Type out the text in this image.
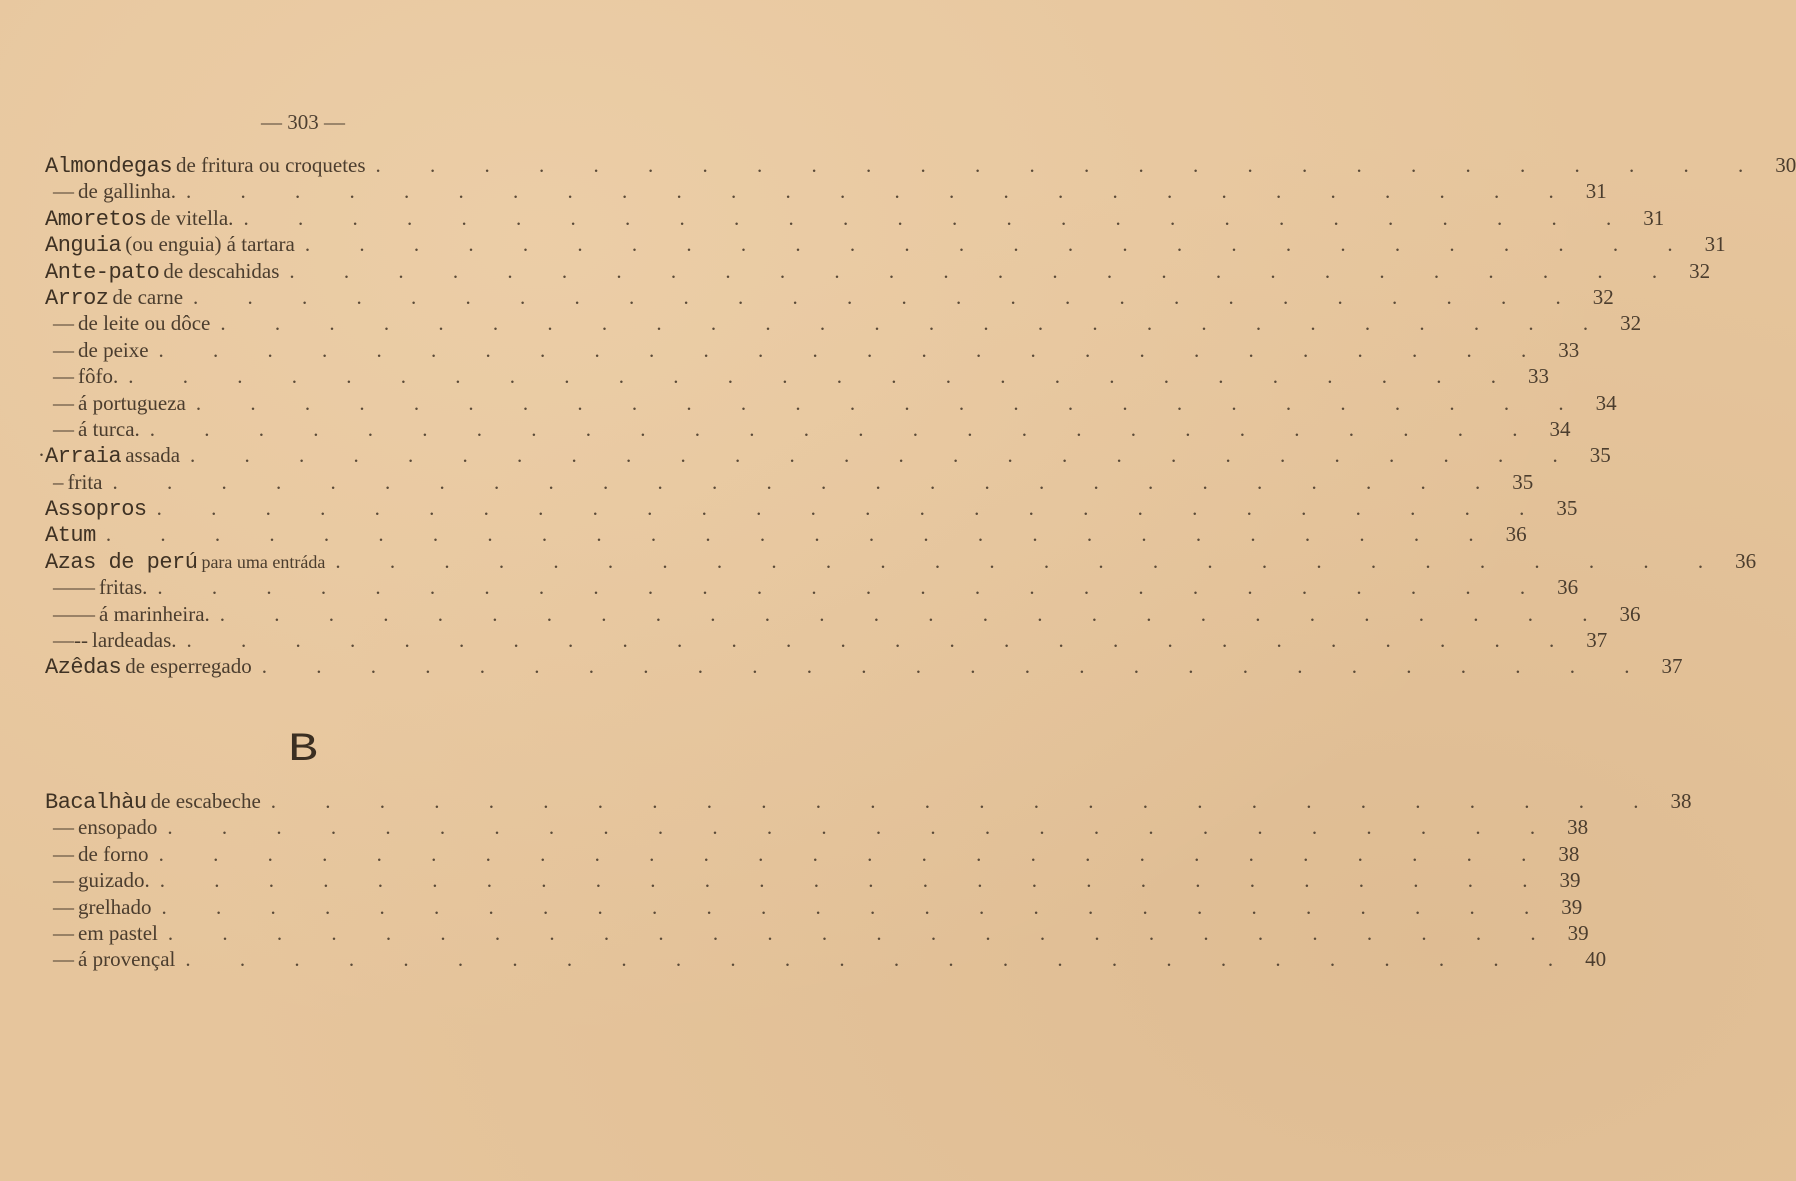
— 303 —
Almondegas de fritura ou croquetes . . . . . . . . . . . . . . . . . . . . . . . . . . 30
— de gallinha. . . . . . . . . . . . . . . . . . . . . . . . . . . 31
Amoretos de vitella. . . . . . . . . . . . . . . . . . . . . . . . . . . 31
Anguia (ou enguia) á tartara . . . . . . . . . . . . . . . . . . . . . . . . . . 31
Ante-pato de descahidas . . . . . . . . . . . . . . . . . . . . . . . . . . 32
Arroz de carne . . . . . . . . . . . . . . . . . . . . . . . . . . 32
— de leite ou dôce . . . . . . . . . . . . . . . . . . . . . . . . . . 32
— de peixe . . . . . . . . . . . . . . . . . . . . . . . . . . 33
— fôfo. . . . . . . . . . . . . . . . . . . . . . . . . . . 33
— á portugueza . . . . . . . . . . . . . . . . . . . . . . . . . . 34
— á turca. . . . . . . . . . . . . . . . . . . . . . . . . . . 34
· Arraia assada . . . . . . . . . . . . . . . . . . . . . . . . . . 35
– frita . . . . . . . . . . . . . . . . . . . . . . . . . . 35
Assopros . . . . . . . . . . . . . . . . . . . . . . . . . . 35
Atum . . . . . . . . . . . . . . . . . . . . . . . . . . 36
Azas de perú para uma entráda . . . . . . . . . . . . . . . . . . . . . . . . . . 36
— — fritas. . . . . . . . . . . . . . . . . . . . . . . . . . . 36
— — á marinheira. . . . . . . . . . . . . . . . . . . . . . . . . . . 36
— -- lardeadas. . . . . . . . . . . . . . . . . . . . . . . . . . . 37
Azêdas de esperregado . . . . . . . . . . . . . . . . . . . . . . . . . . 37
B
Bacalhàu de escabeche . . . . . . . . . . . . . . . . . . . . . . . . . . 38
— ensopado . . . . . . . . . . . . . . . . . . . . . . . . . . 38
— de forno . . . . . . . . . . . . . . . . . . . . . . . . . . 38
— guizado. . . . . . . . . . . . . . . . . . . . . . . . . . . 39
— grelhado . . . . . . . . . . . . . . . . . . . . . . . . . . 39
— em pastel . . . . . . . . . . . . . . . . . . . . . . . . . . 39
— á provençal . . . . . . . . . . . . . . . . . . . . . . . . . . 40
